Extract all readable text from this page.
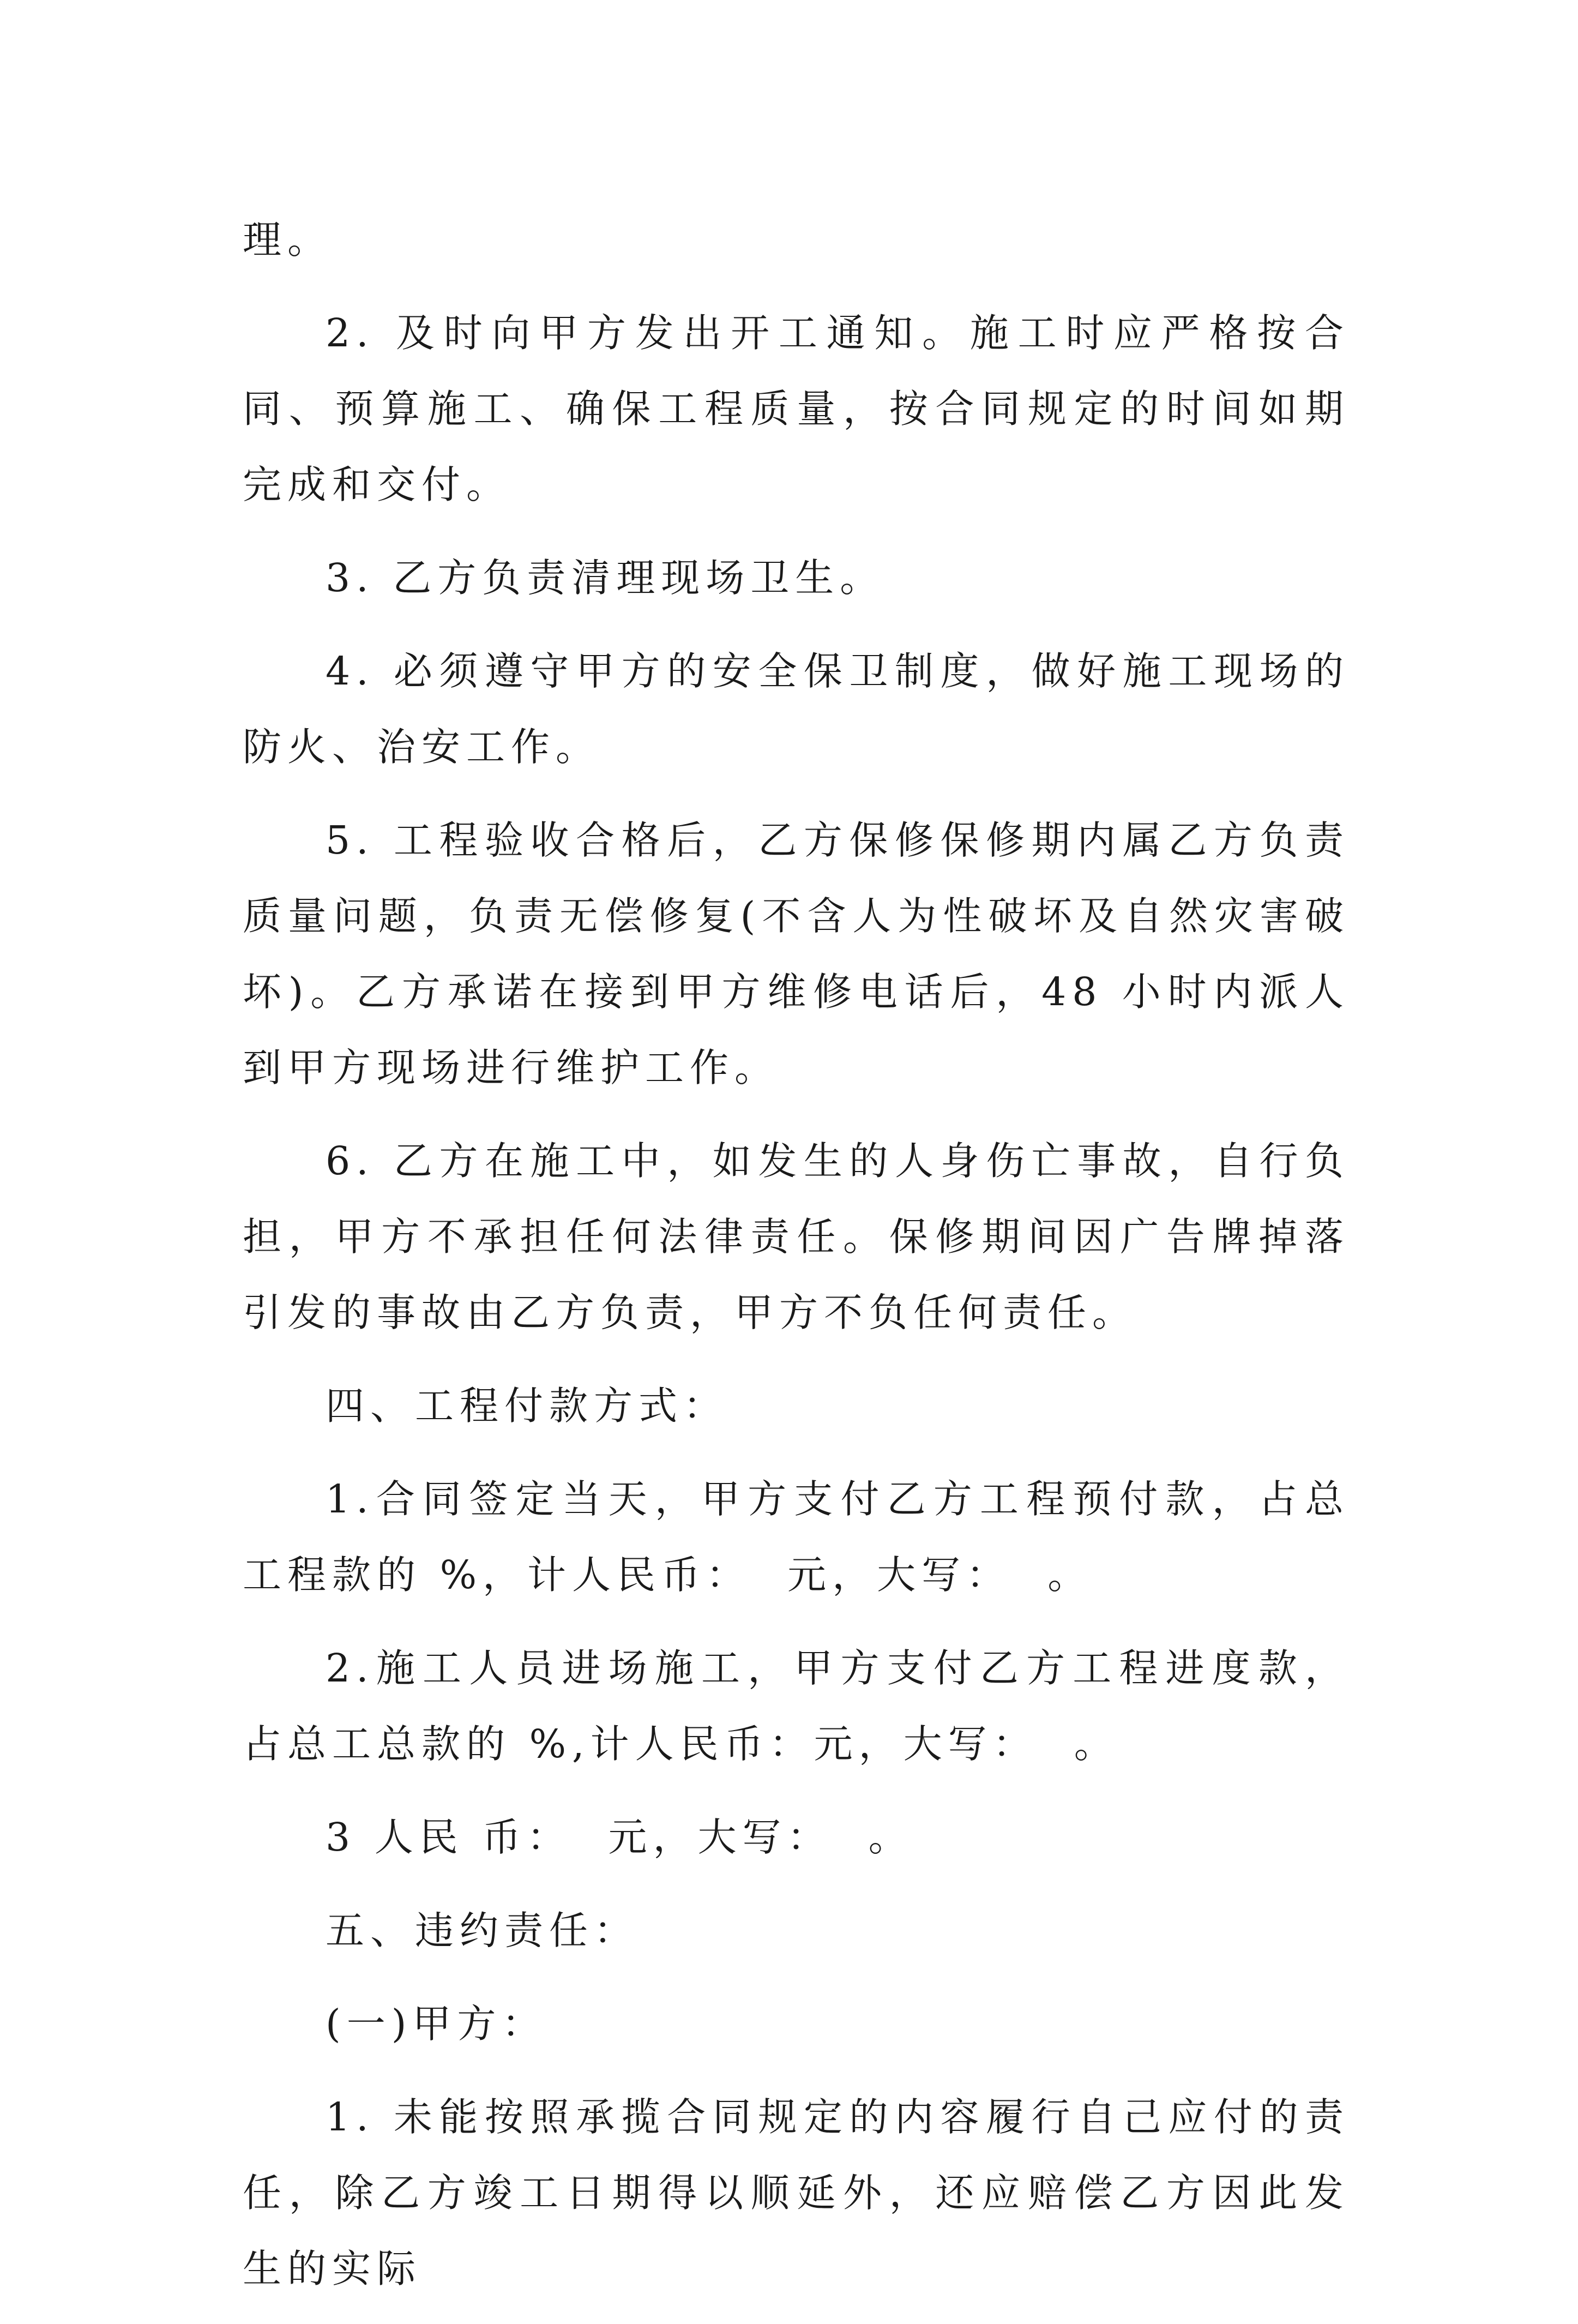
理。

2. 及时向甲方发出开工通知。施工时应严格按合同、预算施工、确保工程质量，按合同规定的时间如期完成和交付。

3. 乙方负责清理现场卫生。

4. 必须遵守甲方的安全保卫制度，做好施工现场的防火、治安工作。

5. 工程验收合格后，乙方保修保修期内属乙方负责质量问题，负责无偿修复(不含人为性破坏及自然灾害破坏)。乙方承诺在接到甲方维修电话后，48 小时内派人到甲方现场进行维护工作。

6. 乙方在施工中，如发生的人身伤亡事故，自行负担，甲方不承担任何法律责任。保修期间因广告牌掉落引发的事故由乙方负责，甲方不负任何责任。

四、工程付款方式：

1.合同签定当天，甲方支付乙方工程预付款，占总工程款的 %，计人民币：  元，大写：  。

2.施工人员进场施工，甲方支付乙方工程进度款，占总工总款的 %,计人民币：元，大写：  。

3 人民 币：  元，大写：  。

五、违约责任：

(一)甲方：

1. 未能按照承揽合同规定的内容履行自己应付的责任，除乙方竣工日期得以顺延外，还应赔偿乙方因此发生的实际
